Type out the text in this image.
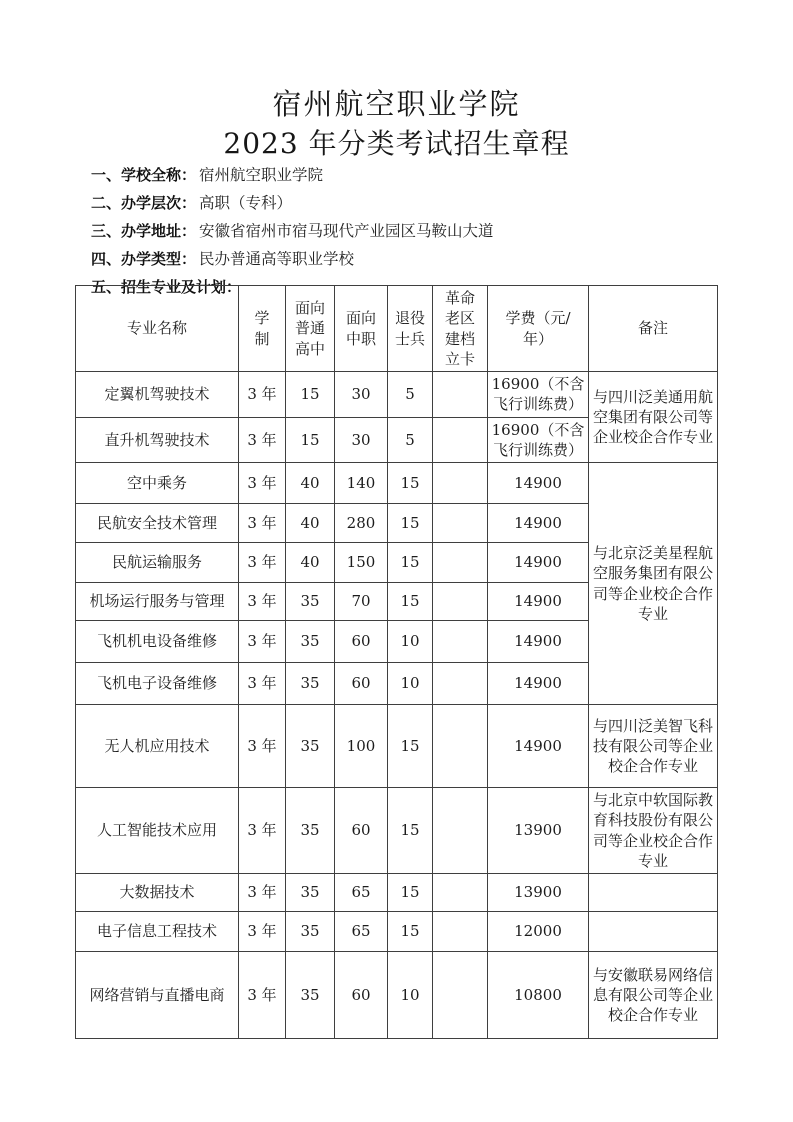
宿州航空职业学院
2023 年分类考试招生章程
一、学校全称： 宿州航空职业学院
二、办学层次： 高职（专科）
三、办学地址： 安徽省宿州市宿马现代产业园区马鞍山大道
四、办学类型： 民办普通高等职业学校
五、招生专业及计划：
专业名称	学制	面向普通高中	面向中职	退役士兵	革命老区建档立卡	学费（元/年）	备注
定翼机驾驶技术	3 年	15	30	5		16900（不含飞行训练费）	与四川泛美通用航空集团有限公司等企业校企合作专业
直升机驾驶技术	3 年	15	30	5		16900（不含飞行训练费）	
空中乘务	3 年	40	140	15		14900	与北京泛美星程航空服务集团有限公司等企业校企合作专业
民航安全技术管理	3 年	40	280	15		14900	
民航运输服务	3 年	40	150	15		14900	
机场运行服务与管理	3 年	35	70	15		14900	
飞机机电设备维修	3 年	35	60	10		14900	
飞机电子设备维修	3 年	35	60	10		14900	
无人机应用技术	3 年	35	100	15		14900	与四川泛美智飞科技有限公司等企业校企合作专业
人工智能技术应用	3 年	35	60	15		13900	与北京中软国际教育科技股份有限公司等企业校企合作专业
大数据技术	3 年	35	65	15		13900	
电子信息工程技术	3 年	35	65	15		12000	
网络营销与直播电商	3 年	35	60	10		10800	与安徽联易网络信息有限公司等企业校企合作专业
